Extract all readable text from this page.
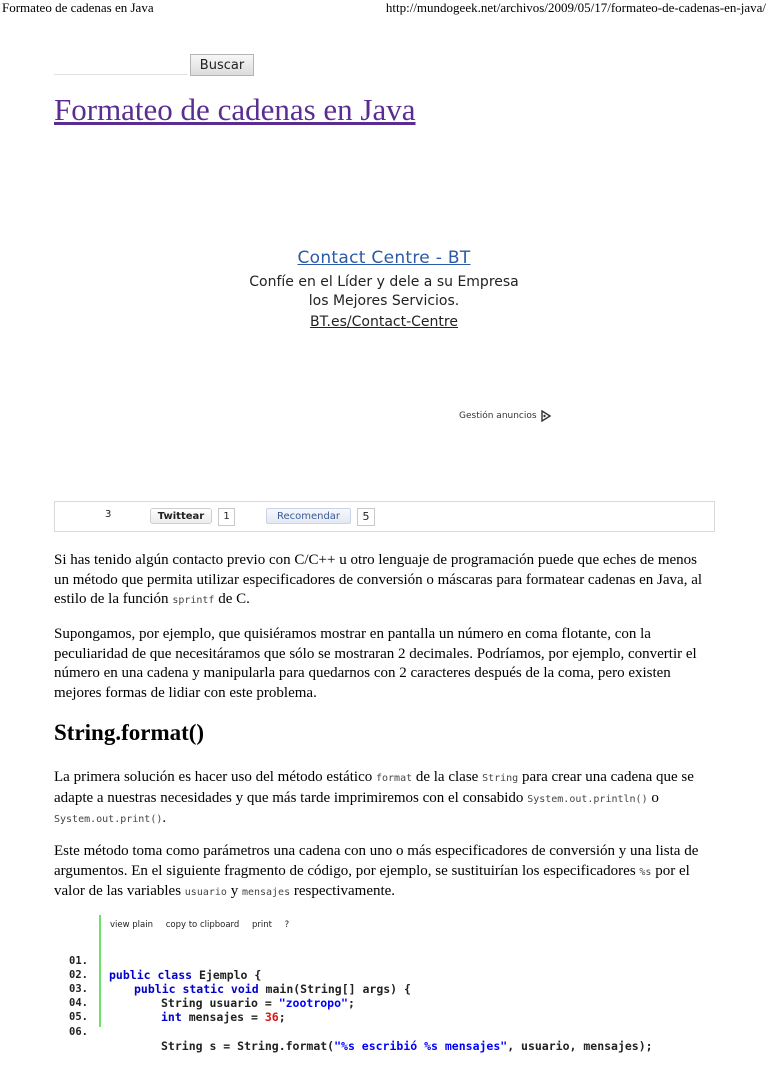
Formateo de cadenas en Java	http://mundogeek.net/archivos/2009/05/17/formateo-de-cadenas-en-java/
Buscar
Formateo de cadenas en Java
Contact Centre - BT
Confíe en el Líder y dele a su Empresa
los Mejores Servicios.
BT.es/Contact-Centre
Gestión anuncios
3	Twittear	1	Recomendar	5

Si has tenido algún contacto previo con C/C++ u otro lenguaje de programación puede que eches de menos un método que permita utilizar especificadores de conversión o máscaras para formatear cadenas en Java, al estilo de la función sprintf de C.

Supongamos, por ejemplo, que quisiéramos mostrar en pantalla un número en coma flotante, con la peculiaridad de que necesitáramos que sólo se mostraran 2 decimales. Podríamos, por ejemplo, convertir el número en una cadena y manipularla para quedarnos con 2 caracteres después de la coma, pero existen mejores formas de lidiar con este problema.

String.format()

La primera solución es hacer uso del método estático format de la clase String para crear una cadena que se adapte a nuestras necesidades y que más tarde imprimiremos con el consabido System.out.println() o System.out.print().

Este método toma como parámetros una cadena con uno o más especificadores de conversión y una lista de argumentos. En el siguiente fragmento de código, por ejemplo, se sustituirían los especificadores %s por el valor de las variables usuario y mensajes respectivamente.

view plain copy to clipboard print ?

01.

public class Ejemplo {

02.

public static void main(String[] args) {

03.

String usuario = "zootropo";

04.

int mensajes = 36;

05.

06.

String s = String.format("%s escribió %s mensajes", usuario, mensajes);
